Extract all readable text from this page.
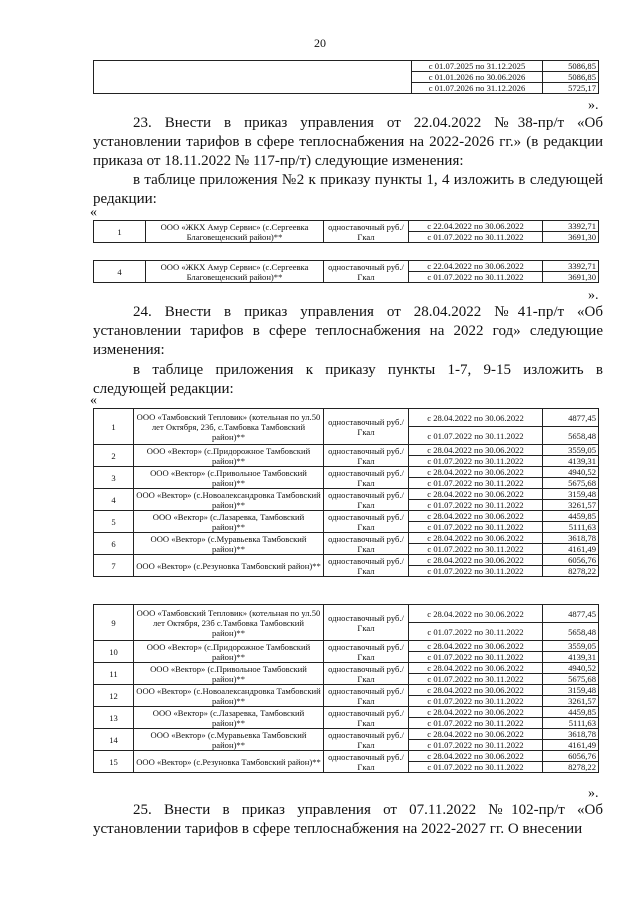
20
	с 01.07.2025 по 31.12.2025	5086,85
	с 01.01.2026 по 30.06.2026	5086,85
	с 01.07.2026 по 31.12.2026	5725,17
».

23. Внести в приказ управления от 22.04.2022 №38-пр/т «Об установлении тарифов в сфере теплоснабжения на 2022-2026 гг.» (в редакции приказа от 18.11.2022 № 117-пр/т) следующие изменения:

в таблице приложения №2 к приказу пункты 1, 4 изложить в следующей редакции:

«
1	ООО «ЖКХ Амур Сервис» (с.Сергеевка Благовещенский район)**	одноставочный руб./Гкал	с 22.04.2022 по 30.06.2022	3392,71
			с 01.07.2022 по 30.11.2022	3691,30
4	ООО «ЖКХ Амур Сервис» (с.Сергеевка Благовещенский район)**	одноставочный руб./Гкал	с 22.04.2022 по 30.06.2022	3392,71
			с 01.07.2022 по 30.11.2022	3691,30
».

24. Внести в приказ управления от 28.04.2022 №41-пр/т «Об установлении тарифов в сфере теплоснабжения на 2022 год» следующие изменения:

в таблице приложения к приказу пункты 1-7, 9-15 изложить в следующей редакции:

«
1	ООО «Тамбовский Тепловик» (котельная по ул.50 лет Октября, 23б, с.Тамбовка Тамбовский район)**	одноставочный руб./Гкал	с 28.04.2022 по 30.06.2022	4877,45
			с 01.07.2022 по 30.11.2022	5658,48
2	ООО «Вектор» (с.Придорожное Тамбовский район)**	одноставочный руб./Гкал	с 28.04.2022 по 30.06.2022	3559,05
			с 01.07.2022 по 30.11.2022	4139,31
3	ООО «Вектор» (с.Привольное Тамбовский район)**	одноставочный руб./Гкал	с 28.04.2022 по 30.06.2022	4940,52
			с 01.07.2022 по 30.11.2022	5675,68
4	ООО «Вектор» (с.Новоалександровка Тамбовский район)**	одноставочный руб./Гкал	с 28.04.2022 по 30.06.2022	3159,48
			с 01.07.2022 по 30.11.2022	3261,57
5	ООО «Вектор» (с.Лазаревка, Тамбовский район)**	одноставочный руб./Гкал	с 28.04.2022 по 30.06.2022	4459,85
			с 01.07.2022 по 30.11.2022	5111,63
6	ООО «Вектор» (с.Муравьевка Тамбовский район)**	одноставочный руб./Гкал	с 28.04.2022 по 30.06.2022	3618,78
			с 01.07.2022 по 30.11.2022	4161,49
7	ООО «Вектор» (с.Резуновка Тамбовский район)**	одноставочный руб./Гкал	с 28.04.2022 по 30.06.2022	6056,76
			с 01.07.2022 по 30.11.2022	8278,22
9	ООО «Тамбовский Тепловик» (котельная по ул.50 лет Октября, 23б с.Тамбовка Тамбовский район)**	одноставочный руб./Гкал	с 28.04.2022 по 30.06.2022	4877,45
			с 01.07.2022 по 30.11.2022	5658,48
10	ООО «Вектор» (с.Придорожное Тамбовский район)**	одноставочный руб./Гкал	с 28.04.2022 по 30.06.2022	3559,05
			с 01.07.2022 по 30.11.2022	4139,31
11	ООО «Вектор» (с.Привольное Тамбовский район)**	одноставочный руб./Гкал	с 28.04.2022 по 30.06.2022	4940,52
			с 01.07.2022 по 30.11.2022	5675,68
12	ООО «Вектор» (с.Новоалександровка Тамбовский район)**	одноставочный руб./Гкал	с 28.04.2022 по 30.06.2022	3159,48
			с 01.07.2022 по 30.11.2022	3261,57
13	ООО «Вектор» (с.Лазаревка, Тамбовский район)**	одноставочный руб./Гкал	с 28.04.2022 по 30.06.2022	4459,85
			с 01.07.2022 по 30.11.2022	5111,63
14	ООО «Вектор» (с.Муравьевка Тамбовский район)**	одноставочный руб./Гкал	с 28.04.2022 по 30.06.2022	3618,78
			с 01.07.2022 по 30.11.2022	4161,49
15	ООО «Вектор» (с.Резуновка Тамбовский район)**	одноставочный руб./Гкал	с 28.04.2022 по 30.06.2022	6056,76
			с 01.07.2022 по 30.11.2022	8278,22
».

25. Внести в приказ управления от 07.11.2022 №102-пр/т «Об установлении тарифов в сфере теплоснабжения на 2022-2027 гг. О внесении
